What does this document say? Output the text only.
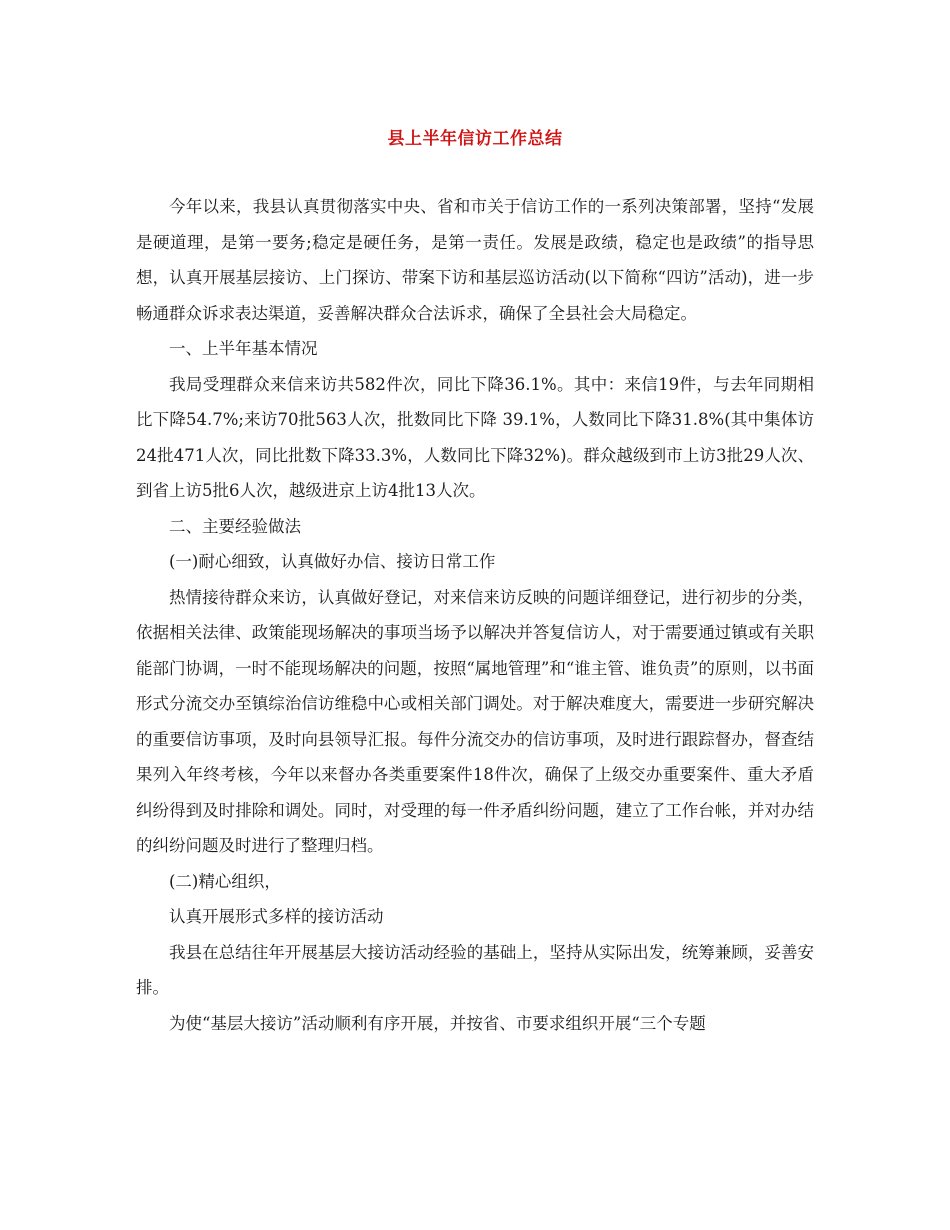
县上半年信访工作总结

今年以来，我县认真贯彻落实中央、省和市关于信访工作的一系列决策部署，坚持“发展是硬道理，是第一要务;稳定是硬任务，是第一责任。发展是政绩，稳定也是政绩”的指导思想，认真开展基层接访、上门探访、带案下访和基层巡访活动(以下简称“四访”活动)，进一步畅通群众诉求表达渠道，妥善解决群众合法诉求，确保了全县社会大局稳定。

一、上半年基本情况

我局受理群众来信来访共582件次，同比下降36.1%。其中：来信19件，与去年同期相比下降54.7%;来访70批563人次，批数同比下降 39.1%，人数同比下降31.8%(其中集体访24批471人次，同比批数下降33.3%，人数同比下降32%)。群众越级到市上访3批29人次、到省上访5批6人次，越级进京上访4批13人次。

二、主要经验做法

(一)耐心细致，认真做好办信、接访日常工作

热情接待群众来访，认真做好登记，对来信来访反映的问题详细登记，进行初步的分类，依据相关法律、政策能现场解决的事项当场予以解决并答复信访人，对于需要通过镇或有关职能部门协调，一时不能现场解决的问题，按照“属地管理”和“谁主管、谁负责”的原则，以书面形式分流交办至镇综治信访维稳中心或相关部门调处。对于解决难度大，需要进一步研究解决的重要信访事项，及时向县领导汇报。每件分流交办的信访事项，及时进行跟踪督办，督查结果列入年终考核，今年以来督办各类重要案件18件次，确保了上级交办重要案件、重大矛盾纠纷得到及时排除和调处。同时，对受理的每一件矛盾纠纷问题，建立了工作台帐，并对办结的纠纷问题及时进行了整理归档。

(二)精心组织，

认真开展形式多样的接访活动

我县在总结往年开展基层大接访活动经验的基础上，坚持从实际出发，统筹兼顾，妥善安排。

为使“基层大接访”活动顺利有序开展，并按省、市要求组织开展“三个专题
